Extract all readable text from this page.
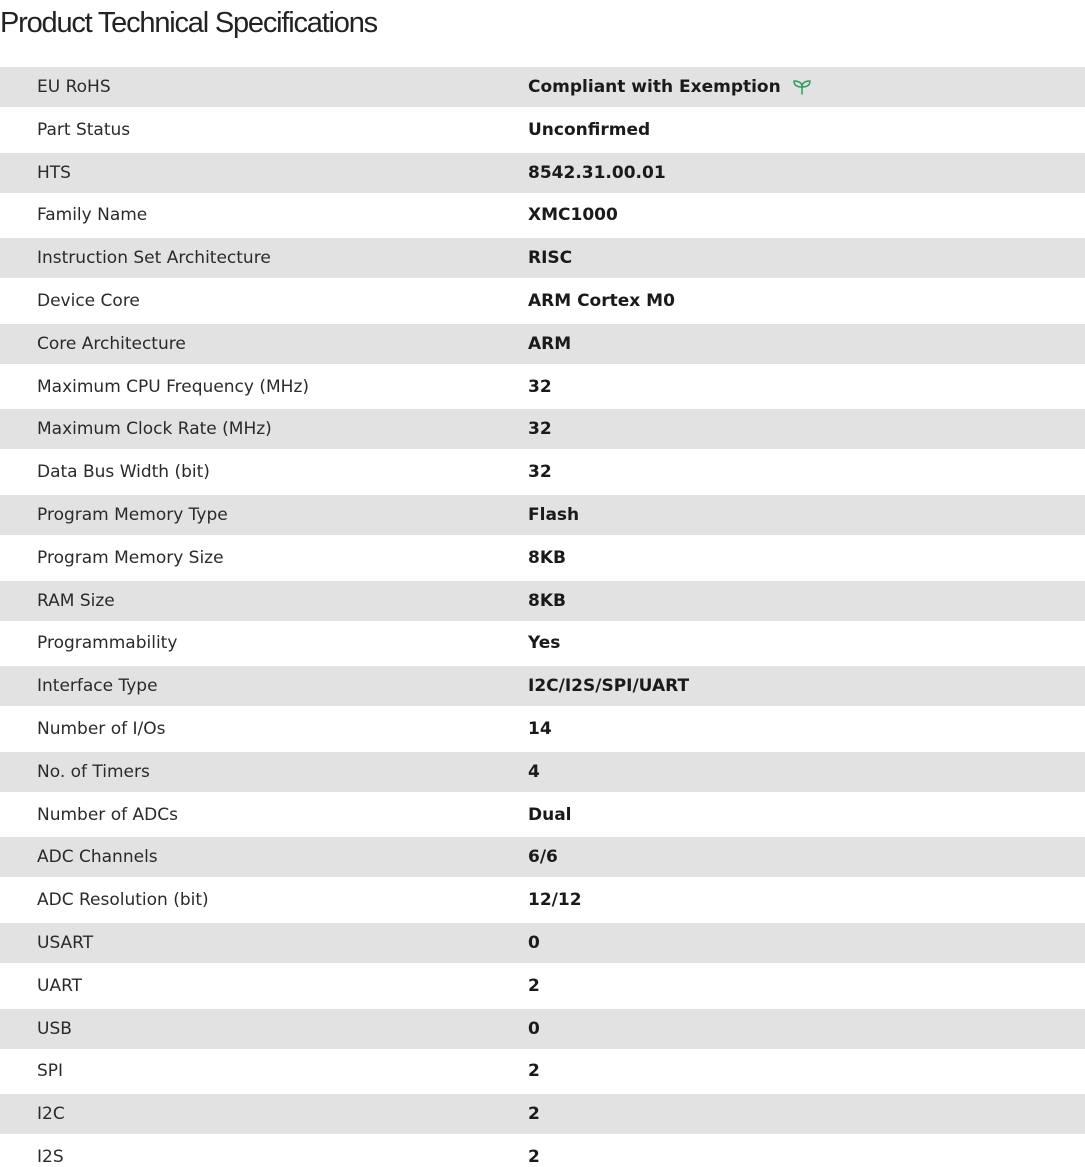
Product Technical Specifications
EU RoHS	Compliant with Exemption
Part Status	Unconfirmed
HTS	8542.31.00.01
Family Name	XMC1000
Instruction Set Architecture	RISC
Device Core	ARM Cortex M0
Core Architecture	ARM
Maximum CPU Frequency (MHz)	32
Maximum Clock Rate (MHz)	32
Data Bus Width (bit)	32
Program Memory Type	Flash
Program Memory Size	8KB
RAM Size	8KB
Programmability	Yes
Interface Type	I2C/I2S/SPI/UART
Number of I/Os	14
No. of Timers	4
Number of ADCs	Dual
ADC Channels	6/6
ADC Resolution (bit)	12/12
USART	0
UART	2
USB	0
SPI	2
I2C	2
I2S	2
